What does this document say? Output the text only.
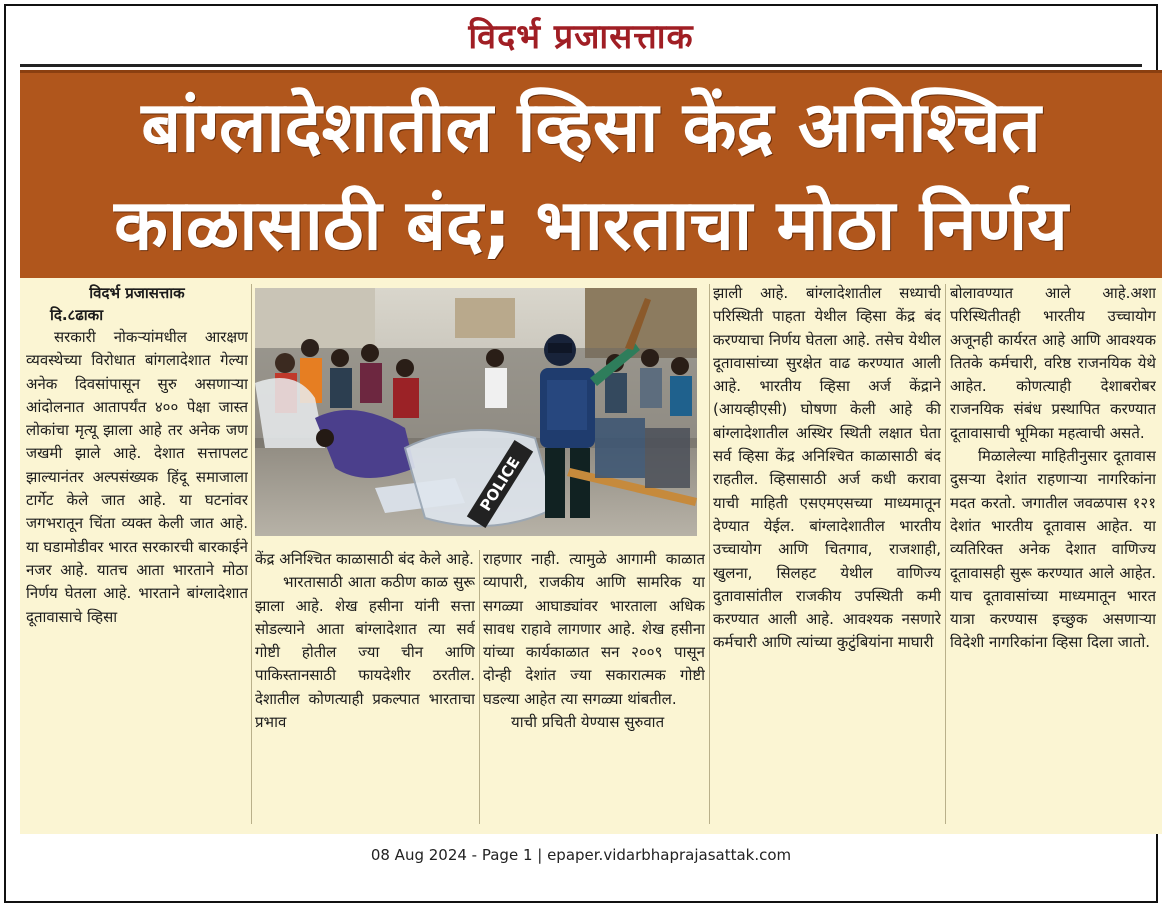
विदर्भ प्रजासत्ताक
बांग्लादेशातील व्हिसा केंद्र अनिश्चित
काळासाठी बंद; भारताचा मोठा निर्णय
विदर्भ प्रजासत्ताक
दि.८ढाका

सरकारी नोकऱ्यांमधील आरक्षण व्यवस्थेच्या विरोधात बांगलादेशात गेल्या अनेक दिवसांपासून सुरु असणाऱ्या आंदोलनात आतापर्यंत ४०० पेक्षा जास्त लोकांचा मृत्यू झाला आहे तर अनेक जण जखमी झाले आहे. देशात सत्तापलट झाल्यानंतर अल्पसंख्यक हिंदू समाजाला टार्गेट केले जात आहे. या घटनांवर जगभरातून चिंता व्यक्त केली जात आहे. या घडामोडीवर भारत सरकारची बारकाईने नजर आहे. यातच आता भारताने मोठा निर्णय घेतला आहे. भारताने बांग्लादेशात दूतावासाचे व्हिसा

POLICE

केंद्र अनिश्चित काळासाठी बंद केले आहे.

भारतासाठी आता कठीण काळ सुरू झाला आहे. शेख हसीना यांनी सत्ता सोडल्याने आता बांग्लादेशात त्या सर्व गोष्टी होतील ज्या चीन आणि पाकिस्तानसाठी फायदेशीर ठरतील. देशातील कोणत्याही प्रकल्पात भारताचा प्रभाव

राहणार नाही. त्यामुळे आगामी काळात व्यापारी, राजकीय आणि सामरिक या सगळ्या आघाड्यांवर भारताला अधिक सावध राहावे लागणार आहे. शेख हसीना यांच्या कार्यकाळात सन २००९ पासून दोन्ही देशांत ज्या सकारात्मक गोष्टी घडल्या आहेत त्या सगळ्या थांबतील.

याची प्रचिती येण्यास सुरुवात

झाली आहे. बांग्लादेशातील सध्याची परिस्थिती पाहता येथील व्हिसा केंद्र बंद करण्याचा निर्णय घेतला आहे. तसेच येथील दूतावासांच्या सुरक्षेत वाढ करण्यात आली आहे. भारतीय व्हिसा अर्ज केंद्राने (आयव्हीएसी) घोषणा केली आहे की बांग्लादेशातील अस्थिर स्थिती लक्षात घेता सर्व व्हिसा केंद्र अनिश्चित काळासाठी बंद राहतील. व्हिसासाठी अर्ज कधी करावा याची माहिती एसएमएसच्या माध्यमातून देण्यात येईल. बांग्लादेशातील भारतीय उच्चायोग आणि चितगाव, राजशाही, खुलना, सिलहट येथील वाणिज्य दुतावासांतील राजकीय उपस्थिती कमी करण्यात आली आहे. आवश्यक नसणारे कर्मचारी आणि त्यांच्या कुटुंबियांना माघारी

बोलावण्यात आले आहे.अशा परिस्थितीतही भारतीय उच्चायोग अजूनही कार्यरत आहे आणि आवश्यक तितके कर्मचारी, वरिष्ठ राजनयिक येथे आहेत. कोणत्याही देशाबरोबर राजनयिक संबंध प्रस्थापित करण्यात दूतावासाची भूमिका महत्वाची असते.

मिळालेल्या माहितीनुसार दूतावास दुसऱ्या देशांत राहणाऱ्या नागरिकांना मदत करतो. जगातील जवळपास १२१ देशांत भारतीय दूतावास आहेत. या व्यतिरिक्त अनेक देशात वाणिज्य दूतावासही सुरू करण्यात आले आहेत. याच दूतावासांच्या माध्यमातून भारत यात्रा करण्यास इच्छुक असणाऱ्या विदेशी नागरिकांना व्हिसा दिला जातो.

08 Aug 2024 - Page 1 | epaper.vidarbhaprajasattak.com
